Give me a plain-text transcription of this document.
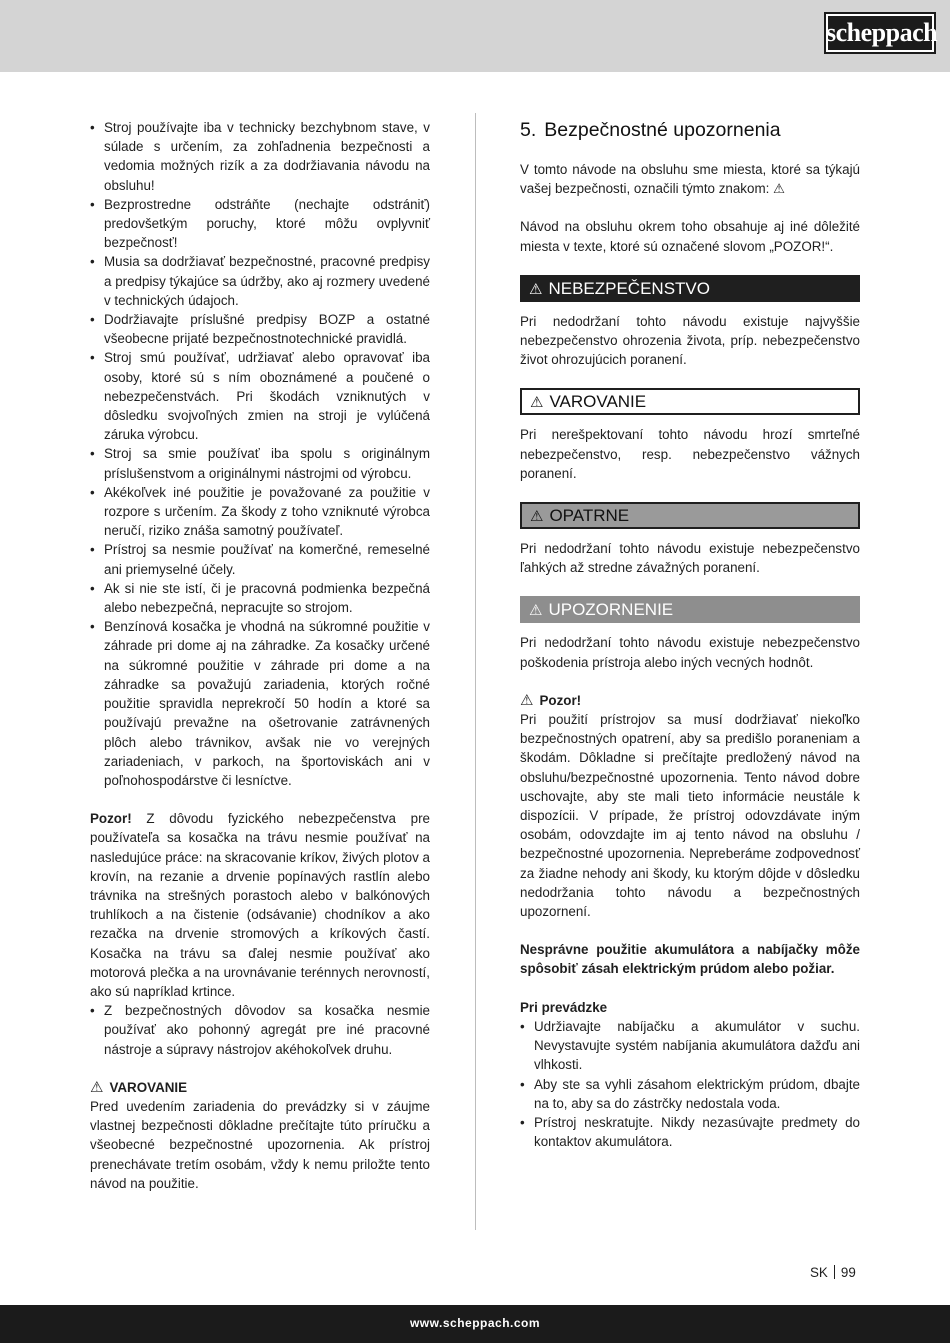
scheppach
• Stroj používajte iba v technicky bezchybnom stave, v súlade s určením, za zohľadnenia bezpečnosti a vedomia možných rizík a za dodržiavania návodu na obsluhu!
• Bezprostredne odstráňte (nechajte odstrániť) predovšetkým poruchy, ktoré môžu ovplyvniť bezpečnosť!
• Musia sa dodržiavať bezpečnostné, pracovné predpisy a predpisy týkajúce sa údržby, ako aj rozmery uvedené v technických údajoch.
• Dodržiavajte príslušné predpisy BOZP a ostatné všeobecne prijaté bezpečnostnotechnické pravidlá.
• Stroj smú používať, udržiavať alebo opravovať iba osoby, ktoré sú s ním oboznámené a poučené o nebezpečenstvách. Pri škodách vzniknutých v dôsledku svojvoľných zmien na stroji je vylúčená záruka výrobcu.
• Stroj sa smie používať iba spolu s originálnym príslušenstvom a originálnymi nástrojmi od výrobcu.
• Akékoľvek iné použitie je považované za použitie v rozpore s určením. Za škody z toho vzniknuté výrobca neručí, riziko znáša samotný používateľ.
• Prístroj sa nesmie používať na komerčné, remeselné ani priemyselné účely.
• Ak si nie ste istí, či je pracovná podmienka bezpečná alebo nebezpečná, nepracujte so strojom.
• Benzínová kosačka je vhodná na súkromné použitie v záhrade pri dome aj na záhradke. Za kosačky určené na súkromné použitie v záhrade pri dome a na záhradke sa považujú zariadenia, ktorých ročné použitie spravidla neprekročí 50 hodín a ktoré sa používajú prevažne na ošetrovanie zatrávnených plôch alebo trávnikov, avšak nie vo verejných zariadeniach, v parkoch, na športoviskách ani v poľnohospodárstve či lesníctve.

Pozor! Z dôvodu fyzického nebezpečenstva pre používateľa sa kosačka na trávu nesmie používať na nasledujúce práce: na skracovanie kríkov, živých plotov a krovín, na rezanie a drvenie popínavých rastlín alebo trávnika na strešných porastoch alebo v balkónových truhlíkoch a na čistenie (odsávanie) chodníkov a ako rezačka na drvenie stromových a kríkových častí. Kosačka na trávu sa ďalej nesmie používať ako motorová plečka a na urovnávanie terénnych nerovností, ako sú napríklad krtince.

• Z bezpečnostných dôvodov sa kosačka nesmie používať ako pohonný agregát pre iné pracovné nástroje a súpravy nástrojov akéhokoľvek druhu.

⚠ VAROVANIE

Pred uvedením zariadenia do prevádzky si v záujme vlastnej bezpečnosti dôkladne prečítajte túto príručku a všeobecné bezpečnostné upozornenia. Ak prístroj prenechávate tretím osobám, vždy k nemu priložte tento návod na použitie.

5. Bezpečnostné upozornenia

V tomto návode na obsluhu sme miesta, ktoré sa týkajú vašej bezpečnosti, označili týmto znakom: ⚠

Návod na obsluhu okrem toho obsahuje aj iné dôležité miesta v texte, ktoré sú označené slovom „POZOR!“.

⚠ NEBEZPEČENSTVO

Pri nedodržaní tohto návodu existuje najvyššie nebezpečenstvo ohrozenia života, príp. nebezpečenstvo život ohrozujúcich poranení.

⚠ VAROVANIE

Pri nerešpektovaní tohto návodu hrozí smrteľné nebezpečenstvo, resp. nebezpečenstvo vážnych poranení.

⚠ OPATRNE

Pri nedodržaní tohto návodu existuje nebezpečenstvo ľahkých až stredne závažných poranení.

⚠ UPOZORNENIE

Pri nedodržaní tohto návodu existuje nebezpečenstvo poškodenia prístroja alebo iných vecných hodnôt.

⚠ Pozor!

Pri použití prístrojov sa musí dodržiavať niekoľko bezpečnostných opatrení, aby sa predišlo poraneniam a škodám. Dôkladne si prečítajte predložený návod na obsluhu/bezpečnostné upozornenia. Tento návod dobre uschovajte, aby ste mali tieto informácie neustále k dispozícii. V prípade, že prístroj odovzdávate iným osobám, odovzdajte im aj tento návod na obsluhu / bezpečnostné upozornenia. Nepreberáme zodpovednosť za žiadne nehody ani škody, ku ktorým dôjde v dôsledku nedodržania tohto návodu a bezpečnostných upozornení.

Nesprávne použitie akumulátora a nabíjačky môže spôsobiť zásah elektrickým prúdom alebo požiar.

Pri prevádzke

• Udržiavajte nabíjačku a akumulátor v suchu. Nevystavujte systém nabíjania akumulátora dažďu ani vlhkosti.
• Aby ste sa vyhli zásahom elektrickým prúdom, dbajte na to, aby sa do zástrčky nedostala voda.
• Prístroj neskratujte. Nikdy nezasúvajte predmety do kontaktov akumulátora.
SK 99
www.scheppach.com
